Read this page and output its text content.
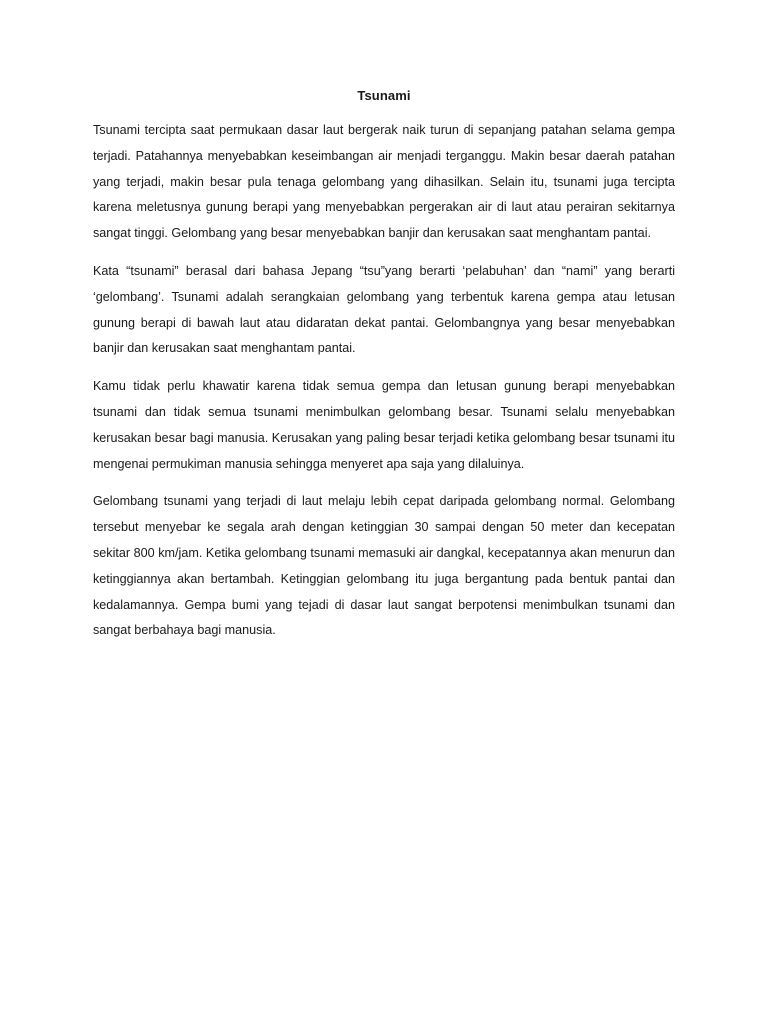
Tsunami

Tsunami tercipta saat permukaan dasar laut bergerak naik turun di sepanjang patahan selama gempa terjadi. Patahannya menyebabkan keseimbangan air menjadi terganggu. Makin besar daerah patahan yang terjadi, makin besar pula tenaga gelombang yang dihasilkan. Selain itu, tsunami juga tercipta karena meletusnya gunung berapi yang menyebabkan pergerakan air di laut atau perairan sekitarnya sangat tinggi. Gelombang yang besar menyebabkan banjir dan kerusakan saat menghantam pantai.

Kata “tsunami” berasal dari bahasa Jepang “tsu”yang berarti ‘pelabuhan’ dan “nami” yang berarti ‘gelombang’. Tsunami adalah serangkaian gelombang yang terbentuk karena gempa atau letusan gunung berapi di bawah laut atau didaratan dekat pantai. Gelombangnya yang besar menyebabkan banjir dan kerusakan saat menghantam pantai.

Kamu tidak perlu khawatir karena tidak semua gempa dan letusan gunung berapi menyebabkan tsunami dan tidak semua tsunami menimbulkan gelombang besar. Tsunami selalu menyebabkan kerusakan besar bagi manusia. Kerusakan yang paling besar terjadi ketika gelombang besar tsunami itu mengenai permukiman manusia sehingga menyeret apa saja yang dilaluinya.

Gelombang tsunami yang terjadi di laut melaju lebih cepat daripada gelombang normal. Gelombang tersebut menyebar ke segala arah dengan ketinggian 30 sampai dengan 50 meter dan kecepatan sekitar 800 km/jam. Ketika gelombang tsunami memasuki air dangkal, kecepatannya akan menurun dan ketinggiannya akan bertambah. Ketinggian gelombang itu juga bergantung pada bentuk pantai dan kedalamannya. Gempa bumi yang tejadi di dasar laut sangat berpotensi menimbulkan tsunami dan sangat berbahaya bagi manusia.
